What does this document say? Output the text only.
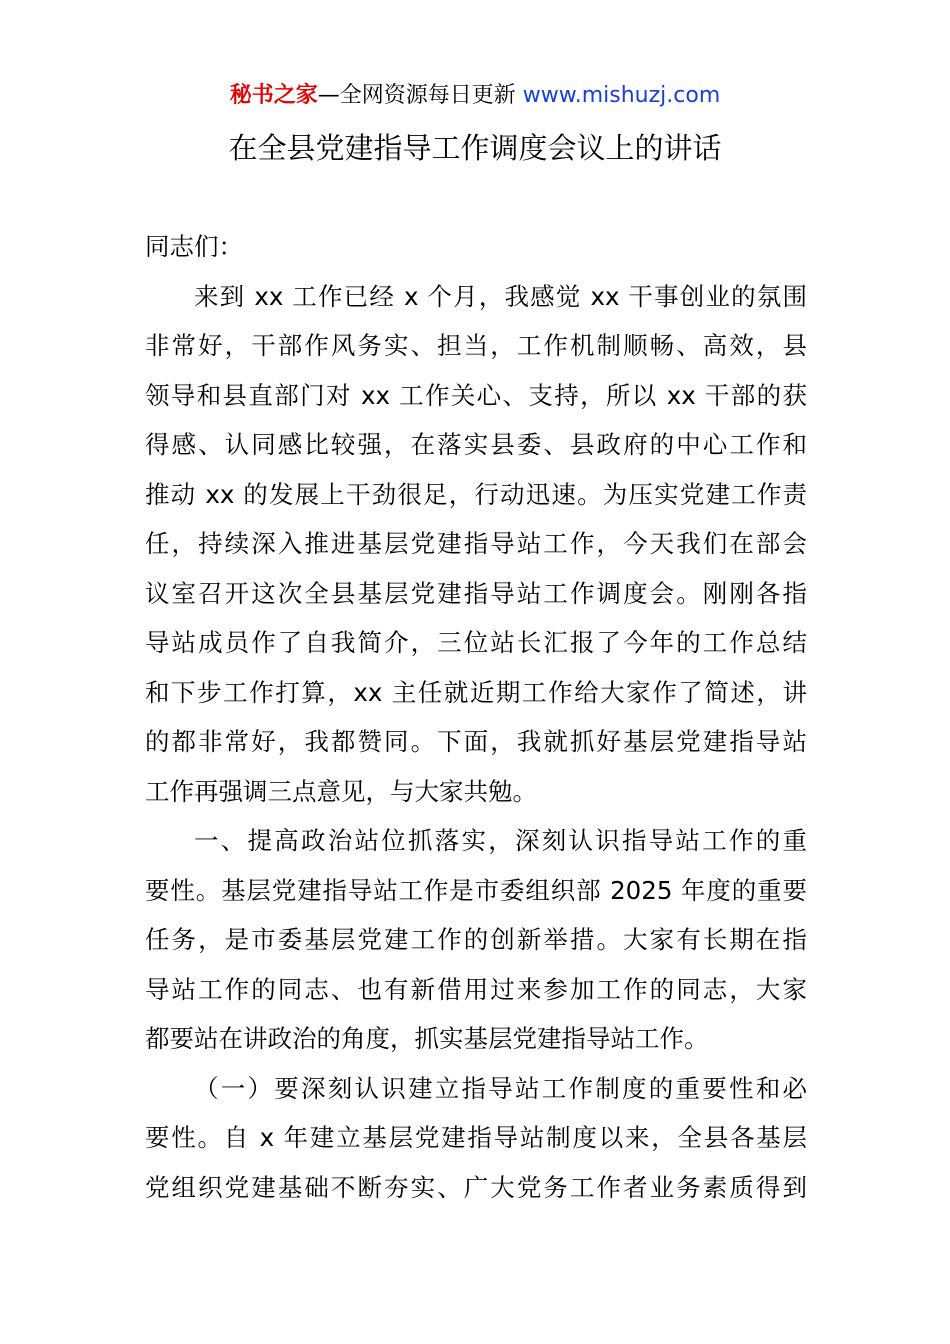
秘书之家—全网资源每日更新 www.mishuzj.com
在全县党建指导工作调度会议上的讲话
同志们：
来到 xx 工作已经 x 个月，我感觉 xx 干事创业的氛围
非常好，干部作风务实、担当，工作机制顺畅、高效，县
领导和县直部门对 xx 工作关心、支持，所以 xx 干部的获
得感、认同感比较强，在落实县委、县政府的中心工作和
推动 xx 的发展上干劲很足，行动迅速。为压实党建工作责
任，持续深入推进基层党建指导站工作，今天我们在部会
议室召开这次全县基层党建指导站工作调度会。刚刚各指
导站成员作了自我简介，三位站长汇报了今年的工作总结
和下步工作打算，xx 主任就近期工作给大家作了简述，讲
的都非常好，我都赞同。下面，我就抓好基层党建指导站
工作再强调三点意见，与大家共勉。
一、提高政治站位抓落实，深刻认识指导站工作的重
要性。基层党建指导站工作是市委组织部 2025 年度的重要
任务，是市委基层党建工作的创新举措。大家有长期在指
导站工作的同志、也有新借用过来参加工作的同志，大家
都要站在讲政治的角度，抓实基层党建指导站工作。
（一）要深刻认识建立指导站工作制度的重要性和必
要性。自 x 年建立基层党建指导站制度以来，全县各基层
党组织党建基础不断夯实、广大党务工作者业务素质得到
